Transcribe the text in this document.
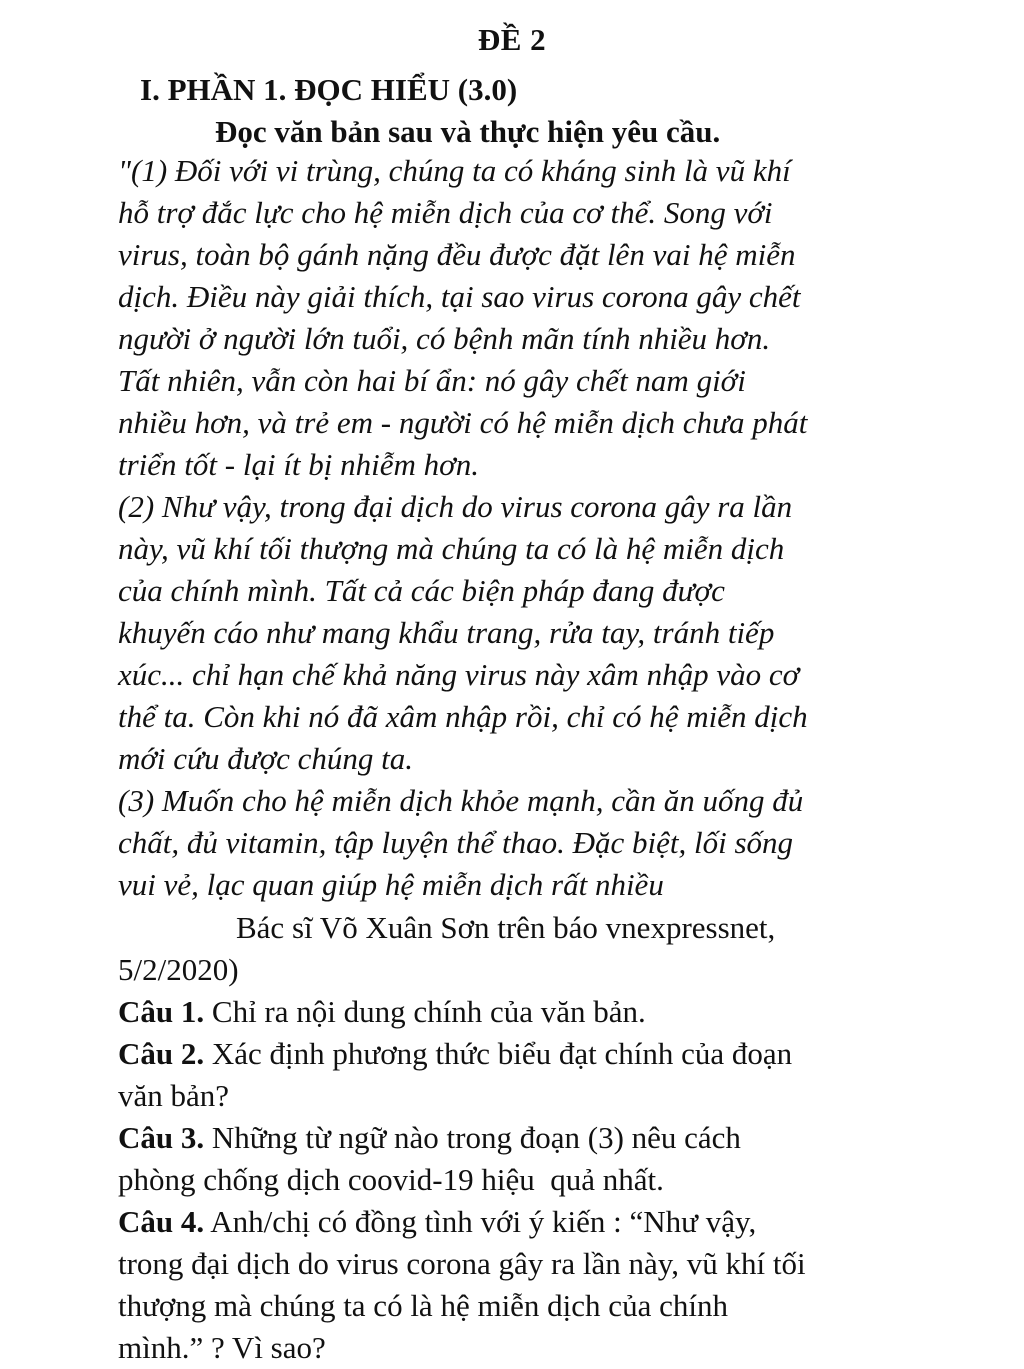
ĐỀ 2
I. PHẦN 1. ĐỌC HIỂU (3.0)
Đọc văn bản sau và thực hiện yêu cầu.
"(1) Đối với vi trùng, chúng ta có kháng sinh là vũ khí
hỗ trợ đắc lực cho hệ miễn dịch của cơ thể. Song với
virus, toàn bộ gánh nặng đều được đặt lên vai hệ miễn
dịch. Điều này giải thích, tại sao virus corona gây chết
người ở người lớn tuổi, có bệnh mãn tính nhiều hơn.
Tất nhiên, vẫn còn hai bí ẩn: nó gây chết nam giới
nhiều hơn, và trẻ em - người có hệ miễn dịch chưa phát
triển tốt - lại ít bị nhiễm hơn.
(2) Như vậy, trong đại dịch do virus corona gây ra lần
này, vũ khí tối thượng mà chúng ta có là hệ miễn dịch
của chính mình. Tất cả các biện pháp đang được
khuyến cáo như mang khẩu trang, rửa tay, tránh tiếp
xúc... chỉ hạn chế khả năng virus này xâm nhập vào cơ
thể ta. Còn khi nó đã xâm nhập rồi, chỉ có hệ miễn dịch
mới cứu được chúng ta.
(3) Muốn cho hệ miễn dịch khỏe mạnh, cần ăn uống đủ
chất, đủ vitamin, tập luyện thể thao. Đặc biệt, lối sống
vui vẻ, lạc quan giúp hệ miễn dịch rất nhiều
Bác sĩ Võ Xuân Sơn trên báo vnexpressnet,
5/2/2020)
Câu 1. Chỉ ra nội dung chính của văn bản.
Câu 2. Xác định phương thức biểu đạt chính của đoạn
văn bản?
Câu 3. Những từ ngữ nào trong đoạn (3) nêu cách
phòng chống dịch coovid-19 hiệu  quả nhất.
Câu 4. Anh/chị có đồng tình với ý kiến : “Như vậy,
trong đại dịch do virus corona gây ra lần này, vũ khí tối
thượng mà chúng ta có là hệ miễn dịch của chính
mình.” ? Vì sao?
